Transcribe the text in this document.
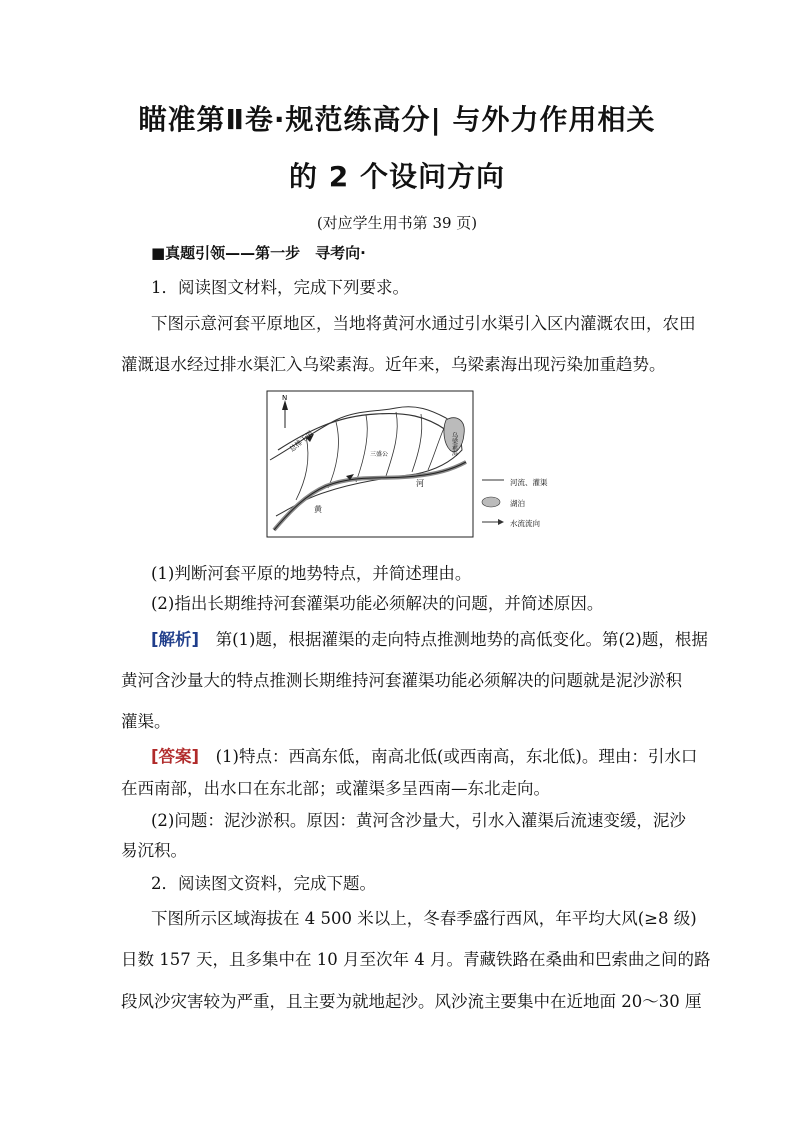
瞄准第Ⅱ卷·规范练高分| 与外力作用相关
的 2 个设问方向
(对应学生用书第 39 页)
■真题引领——第一步　寻考向·
1．阅读图文材料，完成下列要求。
下图示意河套平原地区，当地将黄河水通过引水渠引入区内灌溉农田，农田
灌溉退水经过排水渠汇入乌梁素海。近年来，乌梁素海出现污染加重趋势。
N
乌梁素海
总排干渠
三盛公
河
黄
河流、灌渠
湖泊
水流流向
(1)判断河套平原的地势特点，并简述理由。
(2)指出长期维持河套灌渠功能必须解决的问题，并简述原因。
[解析]　第(1)题，根据灌渠的走向特点推测地势的高低变化。第(2)题，根据
黄河含沙量大的特点推测长期维持河套灌渠功能必须解决的问题就是泥沙淤积
灌渠。
[答案]　(1)特点：西高东低，南高北低(或西南高，东北低)。理由：引水口
在西南部，出水口在东北部；或灌渠多呈西南—东北走向。
(2)问题：泥沙淤积。原因：黄河含沙量大，引水入灌渠后流速变缓，泥沙
易沉积。
2．阅读图文资料，完成下题。
下图所示区域海拔在 4 500 米以上，冬春季盛行西风，年平均大风(≥8 级)
日数 157 天，且多集中在 10 月至次年 4 月。青藏铁路在桑曲和巴索曲之间的路
段风沙灾害较为严重，且主要为就地起沙。风沙流主要集中在近地面 20～30 厘
